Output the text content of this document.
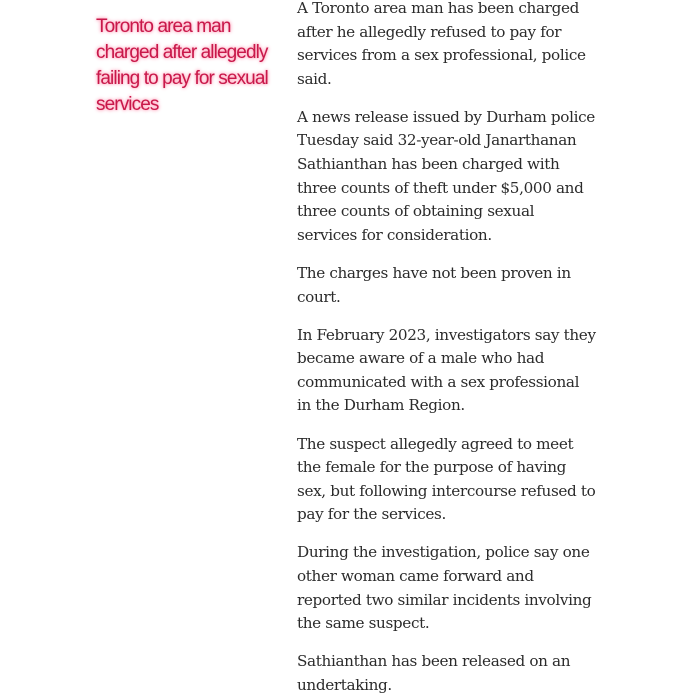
Toronto area man charged after allegedly failing to pay for sexual services

A Toronto area man has been charged after he allegedly refused to pay for services from a sex professional, police said.

A news release issued by Durham police Tuesday said 32-year-old Janarthanan Sathianthan has been charged with three counts of theft under $5,000 and three counts of obtaining sexual services for consideration.

The charges have not been proven in court.

In February 2023, investigators say they became aware of a male who had communicated with a sex professional in the Durham Region.

The suspect allegedly agreed to meet the female for the purpose of having sex, but following intercourse refused to pay for the services.

During the investigation, police say one other woman came forward and reported two similar incidents involving the same suspect.

Sathianthan has been released on an undertaking.
